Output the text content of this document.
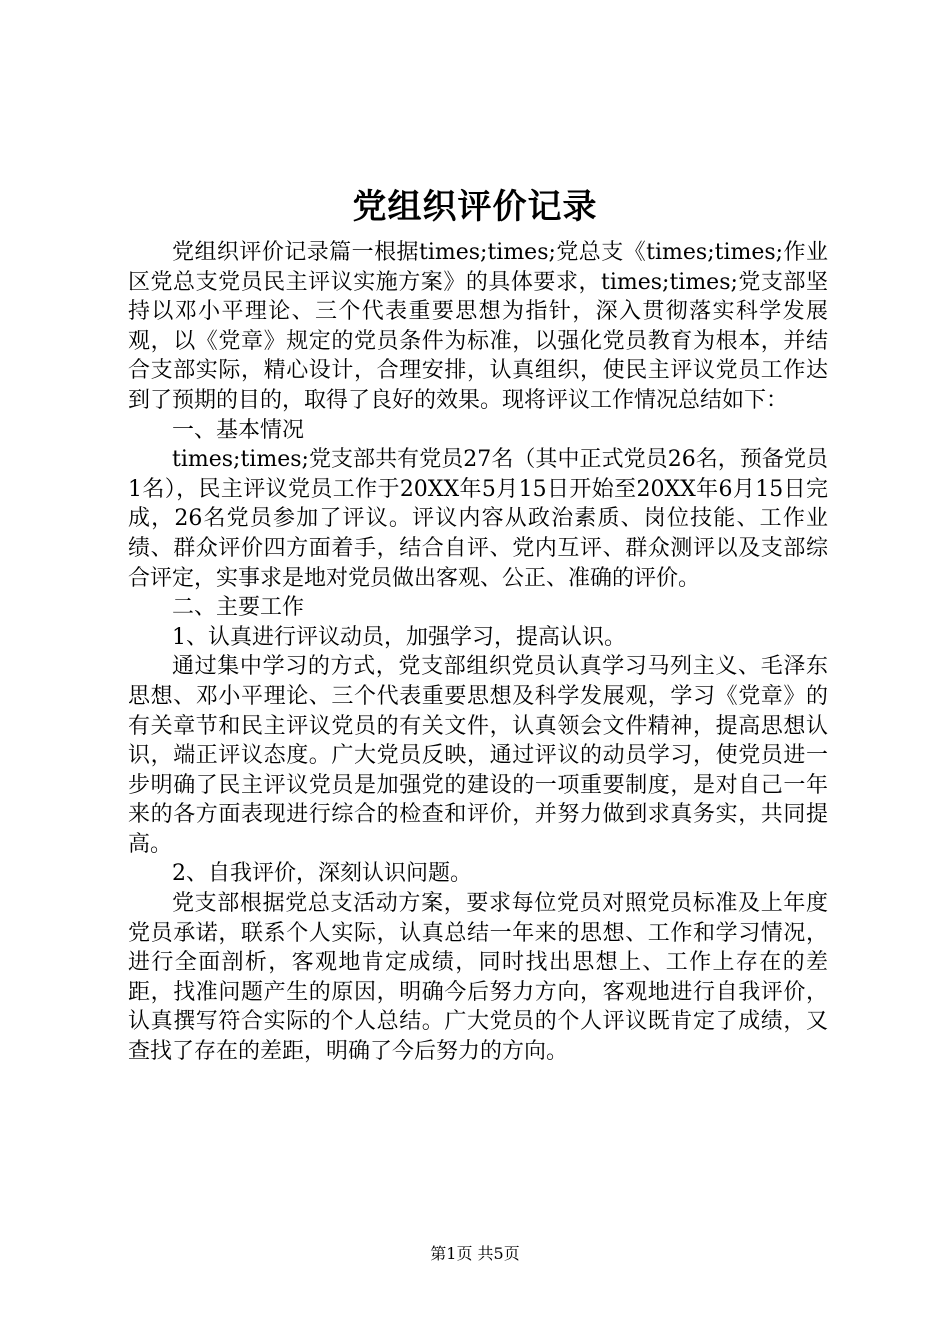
党组织评价记录

党组织评价记录篇一根据times;times;党总支《times;times;作业区党总支党员民主评议实施方案》的具体要求，times;times;党支部坚持以邓小平理论、三个代表重要思想为指针，深入贯彻落实科学发展观，以《党章》规定的党员条件为标准，以强化党员教育为根本，并结合支部实际，精心设计，合理安排，认真组织，使民主评议党员工作达到了预期的目的，取得了良好的效果。现将评议工作情况总结如下：

一、基本情况

times;times;党支部共有党员27名（其中正式党员26名，预备党员1名），民主评议党员工作于20XX年5月15日开始至20XX年6月15日完成，26名党员参加了评议。评议内容从政治素质、岗位技能、工作业绩、群众评价四方面着手，结合自评、党内互评、群众测评以及支部综合评定，实事求是地对党员做出客观、公正、准确的评价。

二、主要工作

1、认真进行评议动员，加强学习，提高认识。

通过集中学习的方式，党支部组织党员认真学习马列主义、毛泽东思想、邓小平理论、三个代表重要思想及科学发展观，学习《党章》的有关章节和民主评议党员的有关文件，认真领会文件精神，提高思想认识，端正评议态度。广大党员反映，通过评议的动员学习，使党员进一步明确了民主评议党员是加强党的建设的一项重要制度，是对自己一年来的各方面表现进行综合的检查和评价，并努力做到求真务实，共同提高。

2、自我评价，深刻认识问题。

党支部根据党总支活动方案，要求每位党员对照党员标准及上年度党员承诺，联系个人实际，认真总结一年来的思想、工作和学习情况，进行全面剖析，客观地肯定成绩，同时找出思想上、工作上存在的差距，找准问题产生的原因，明确今后努力方向，客观地进行自我评价，认真撰写符合实际的个人总结。广大党员的个人评议既肯定了成绩，又查找了存在的差距，明确了今后努力的方向。

第1页 共5页
